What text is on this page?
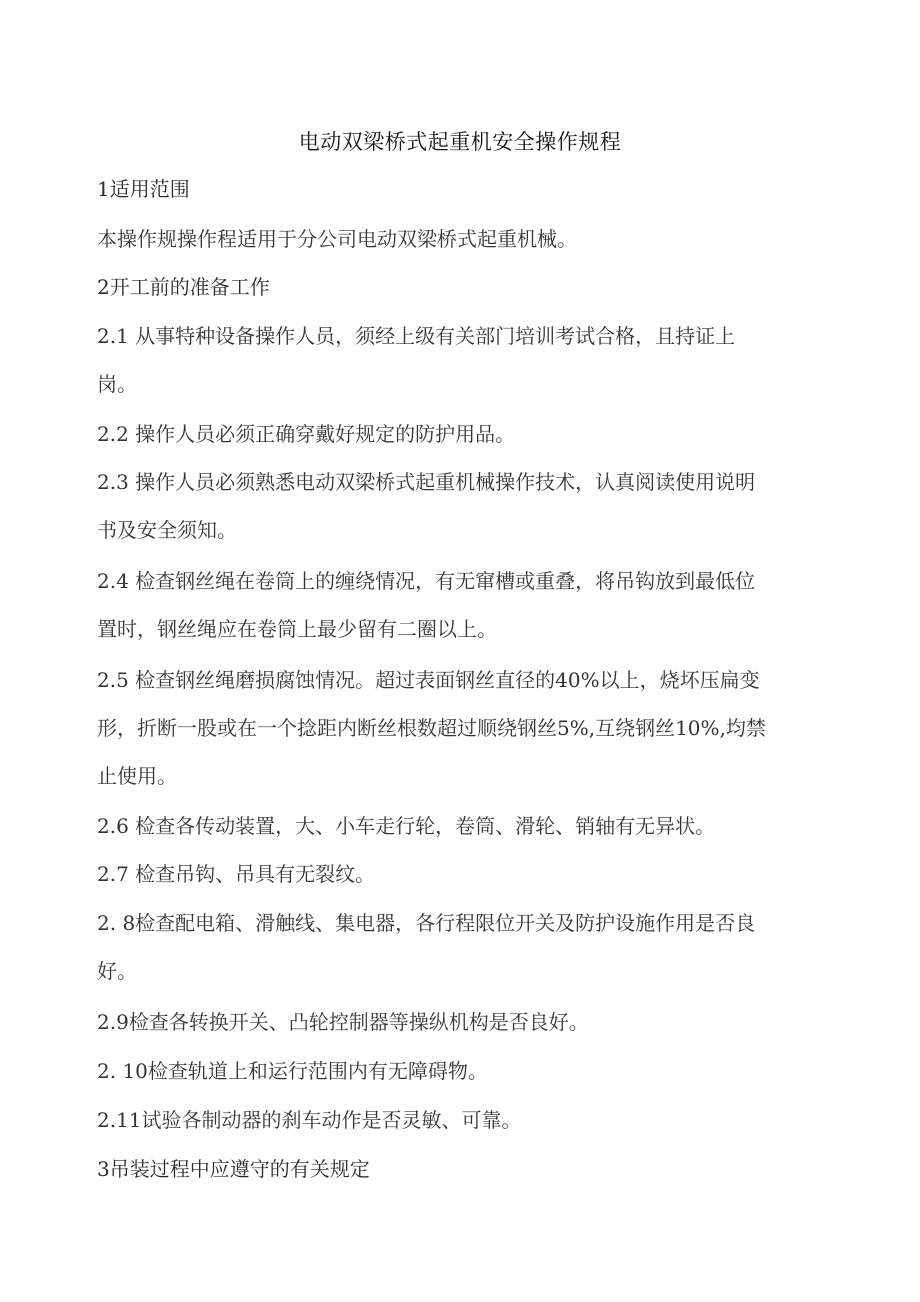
电动双梁桥式起重机安全操作规程
1适用范围
本操作规操作程适用于分公司电动双梁桥式起重机械。
2开工前的准备工作
2.1 从事特种设备操作人员，须经上级有关部门培训考试合格，且持证上
岗。
2.2 操作人员必须正确穿戴好规定的防护用品。
2.3 操作人员必须熟悉电动双梁桥式起重机械操作技术，认真阅读使用说明
书及安全须知。
2.4 检查钢丝绳在卷筒上的缠绕情况，有无窜槽或重叠，将吊钩放到最低位
置时，钢丝绳应在卷筒上最少留有二圈以上。
2.5 检查钢丝绳磨损腐蚀情况。超过表面钢丝直径的40%以上，烧坏压扁变
形，折断一股或在一个捻距内断丝根数超过顺绕钢丝5%,互绕钢丝10%,均禁
止使用。
2.6 检查各传动装置，大、小车走行轮，卷筒、滑轮、销轴有无异状。
2.7 检查吊钩、吊具有无裂纹。
2. 8检查配电箱、滑触线、集电器，各行程限位开关及防护设施作用是否良
好。
2.9检查各转换开关、凸轮控制器等操纵机构是否良好。
2. 10检查轨道上和运行范围内有无障碍物。
2.11试验各制动器的刹车动作是否灵敏、可靠。
3吊装过程中应遵守的有关规定
